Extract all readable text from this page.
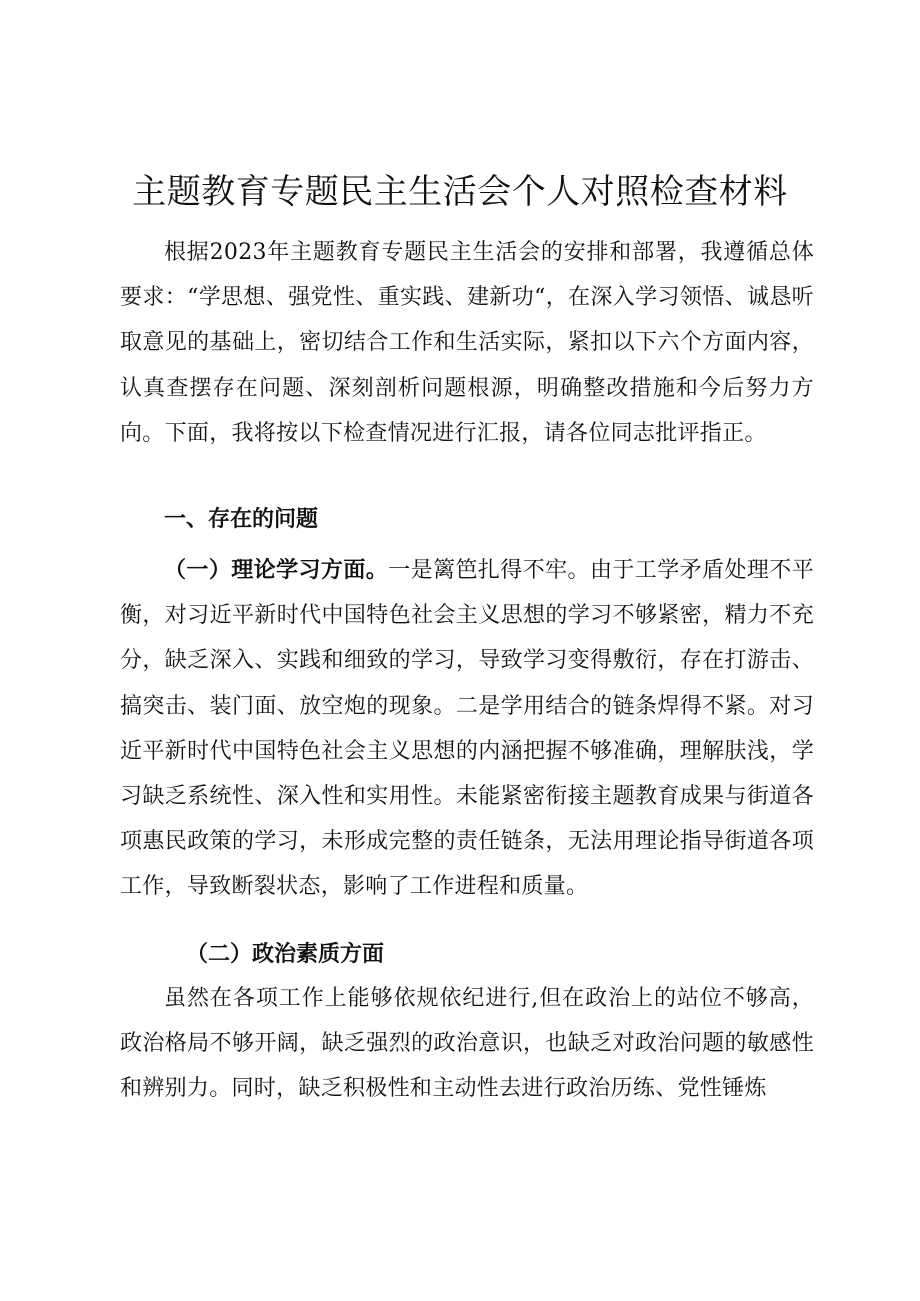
主题教育专题民主生活会个人对照检查材料

根据2023年主题教育专题民主生活会的安排和部署，我遵循总体要求：“学思想、强党性、重实践、建新功“，在深入学习领悟、诚恳听取意见的基础上，密切结合工作和生活实际，紧扣以下六个方面内容，认真查摆存在问题、深刻剖析问题根源，明确整改措施和今后努力方向。下面，我将按以下检查情况进行汇报，请各位同志批评指正。

一、存在的问题

（一）理论学习方面。一是篱笆扎得不牢。由于工学矛盾处理不平衡，对习近平新时代中国特色社会主义思想的学习不够紧密，精力不充分，缺乏深入、实践和细致的学习，导致学习变得敷衍，存在打游击、搞突击、装门面、放空炮的现象。二是学用结合的链条焊得不紧。对习近平新时代中国特色社会主义思想的内涵把握不够准确，理解肤浅，学习缺乏系统性、深入性和实用性。未能紧密衔接主题教育成果与街道各项惠民政策的学习，未形成完整的责任链条，无法用理论指导街道各项工作，导致断裂状态，影响了工作进程和质量。

（二）政治素质方面

虽然在各项工作上能够依规依纪进行,但在政治上的站位不够高，政治格局不够开阔，缺乏强烈的政治意识，也缺乏对政治问题的敏感性和辨别力。同时，缺乏积极性和主动性去进行政治历练、党性锤炼
